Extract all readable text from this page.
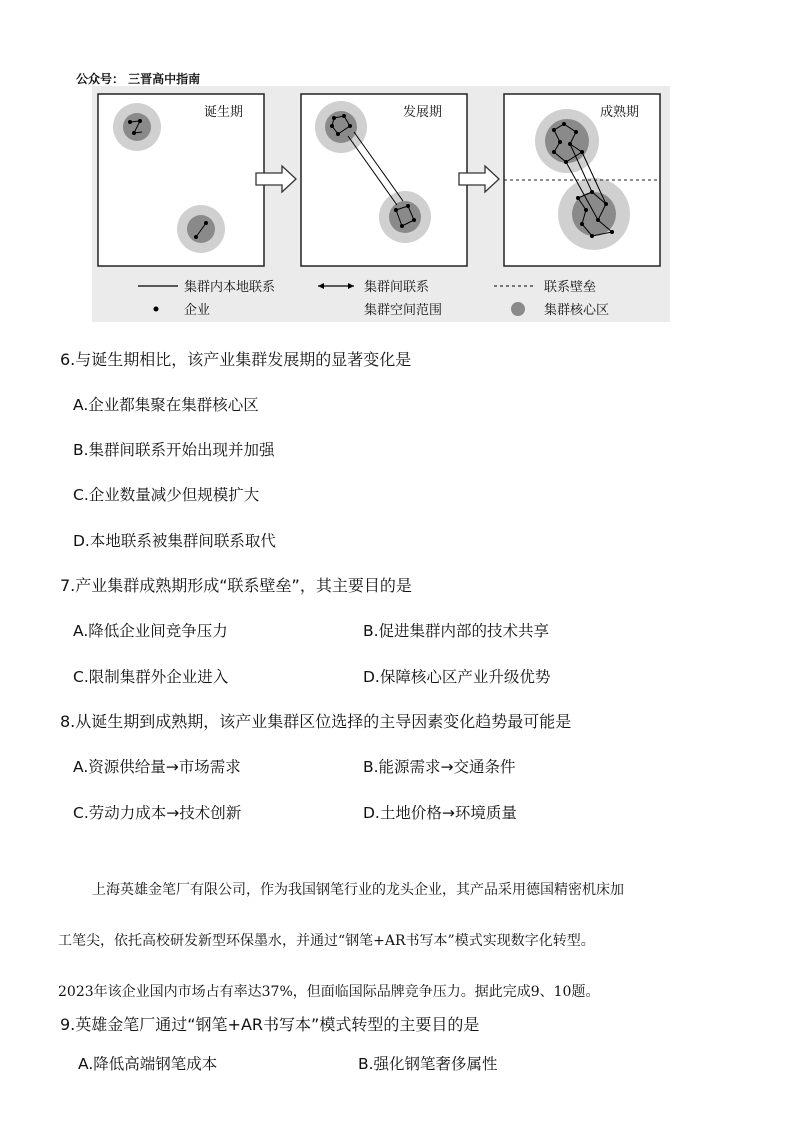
公众号： 三晋高中指南
诞生期	发展期	成熟期
集群内本地联系	集群间联系	联系壁垒
企业	集群空间范围	集群核心区
6.与诞生期相比，该产业集群发展期的显著变化是
A.企业都集聚在集群核心区
B.集群间联系开始出现并加强
C.企业数量减少但规模扩大
D.本地联系被集群间联系取代
7.产业集群成熟期形成“联系壁垒”，其主要目的是
A.降低企业间竞争压力	B.促进集群内部的技术共享
C.限制集群外企业进入	D.保障核心区产业升级优势
8.从诞生期到成熟期，该产业集群区位选择的主导因素变化趋势最可能是
A.资源供给量→市场需求	B.能源需求→交通条件
C.劳动力成本→技术创新	D.土地价格→环境质量
上海英雄金笔厂有限公司，作为我国钢笔行业的龙头企业，其产品采用德国精密机床加
工笔尖，依托高校研发新型环保墨水，并通过“钢笔+AR书写本”模式实现数字化转型。
2023年该企业国内市场占有率达37%，但面临国际品牌竞争压力。据此完成9、10题。
9.英雄金笔厂通过“钢笔+AR书写本”模式转型的主要目的是
A.降低高端钢笔成本	B.强化钢笔奢侈属性
